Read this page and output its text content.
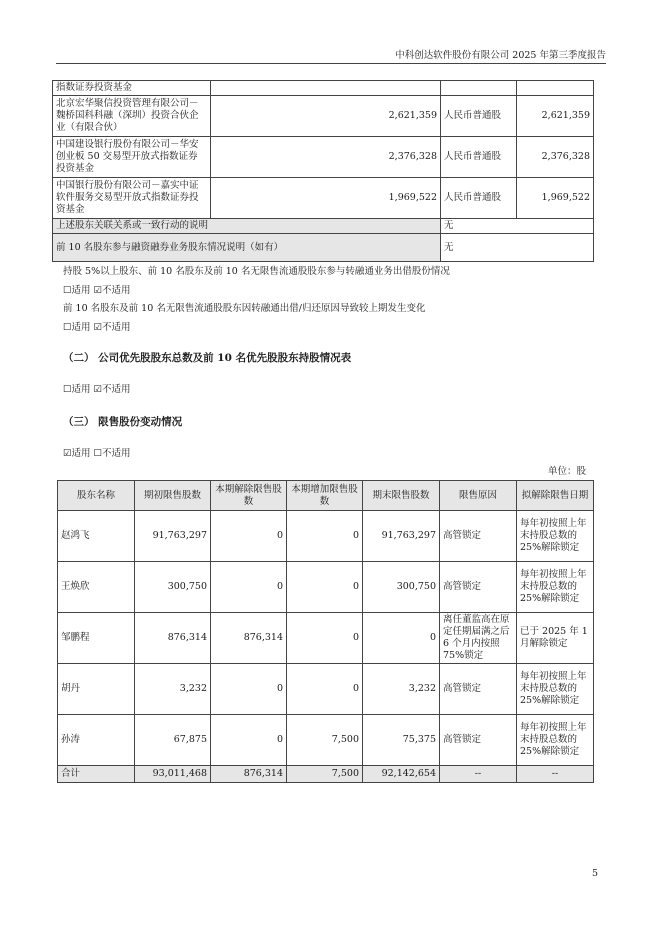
中科创达软件股份有限公司 2025 年第三季度报告
指数证券投资基金			
北京宏华聚信投资管理有限公司－魏桥国科科融（深圳）投资合伙企业（有限合伙）	2,621,359	人民币普通股	2,621,359
中国建设银行股份有限公司－华安创业板 50 交易型开放式指数证券投资基金	2,376,328	人民币普通股	2,376,328
中国银行股份有限公司－嘉实中证软件服务交易型开放式指数证券投资基金	1,969,522	人民币普通股	1,969,522
上述股东关联关系或一致行动的说明		无	
前 10 名股东参与融资融券业务股东情况说明（如有）		无	
持股 5%以上股东、前 10 名股东及前 10 名无限售流通股股东参与转融通业务出借股份情况
☐适用 ☑不适用
前 10 名股东及前 10 名无限售流通股股东因转融通出借/归还原因导致较上期发生变化
☐适用 ☑不适用
（二） 公司优先股股东总数及前 10 名优先股股东持股情况表
☐适用 ☑不适用
（三） 限售股份变动情况
☑适用 ☐不适用
单位：股
股东名称	期初限售股数	本期解除限售股数	本期增加限售股数	期末限售股数	限售原因	拟解除限售日期
赵鸿飞	91,763,297	0	0	91,763,297	高管锁定	每年初按照上年末持股总数的 25%解除锁定
王焕欣	300,750	0	0	300,750	高管锁定	每年初按照上年末持股总数的 25%解除锁定
邹鹏程	876,314	876,314	0	0	离任董监高在原定任期届满之后 6 个月内按照 75%锁定	已于 2025 年 1 月解除锁定
胡丹	3,232	0	0	3,232	高管锁定	每年初按照上年末持股总数的 25%解除锁定
孙涛	67,875	0	7,500	75,375	高管锁定	每年初按照上年末持股总数的 25%解除锁定
合计	93,011,468	876,314	7,500	92,142,654	--	--
5
